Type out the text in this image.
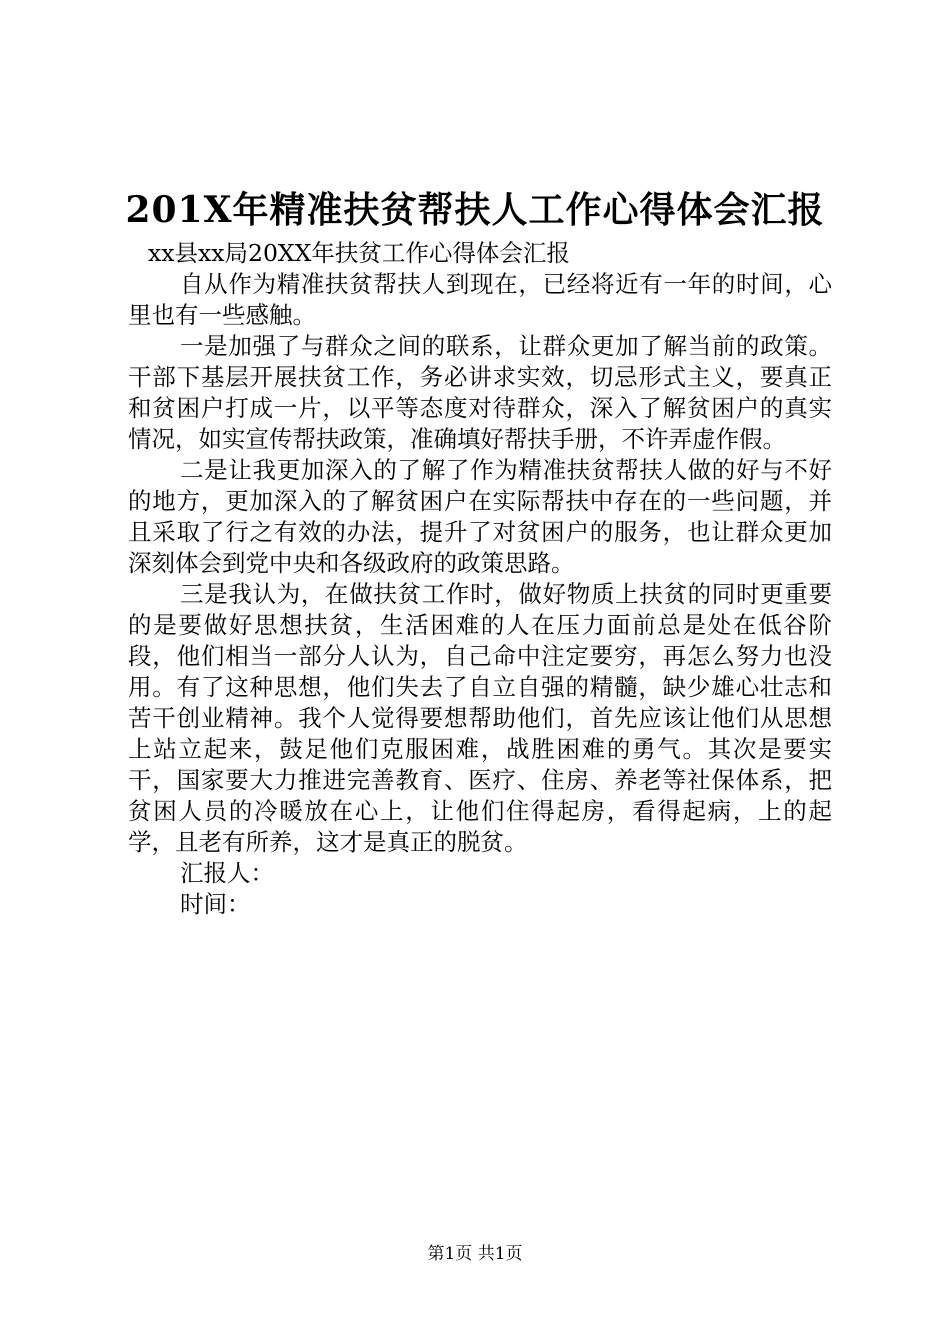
201X年精准扶贫帮扶人工作心得体会汇报

xx县xx局20XX年扶贫工作心得体会汇报

自从作为精准扶贫帮扶人到现在，已经将近有一年的时间，心里也有一些感触。

一是加强了与群众之间的联系，让群众更加了解当前的政策。干部下基层开展扶贫工作，务必讲求实效，切忌形式主义，要真正和贫困户打成一片，以平等态度对待群众，深入了解贫困户的真实情况，如实宣传帮扶政策，准确填好帮扶手册，不许弄虚作假。

二是让我更加深入的了解了作为精准扶贫帮扶人做的好与不好的地方，更加深入的了解贫困户在实际帮扶中存在的一些问题，并且采取了行之有效的办法，提升了对贫困户的服务，也让群众更加深刻体会到党中央和各级政府的政策思路。

三是我认为，在做扶贫工作时，做好物质上扶贫的同时更重要的是要做好思想扶贫，生活困难的人在压力面前总是处在低谷阶段，他们相当一部分人认为，自己命中注定要穷，再怎么努力也没用。有了这种思想，他们失去了自立自强的精髓，缺少雄心壮志和苦干创业精神。我个人觉得要想帮助他们，首先应该让他们从思想上站立起来，鼓足他们克服困难，战胜困难的勇气。其次是要实干，国家要大力推进完善教育、医疗、住房、养老等社保体系，把贫困人员的冷暖放在心上，让他们住得起房，看得起病，上的起学，且老有所养，这才是真正的脱贫。

汇报人：

时间：

第1页 共1页
